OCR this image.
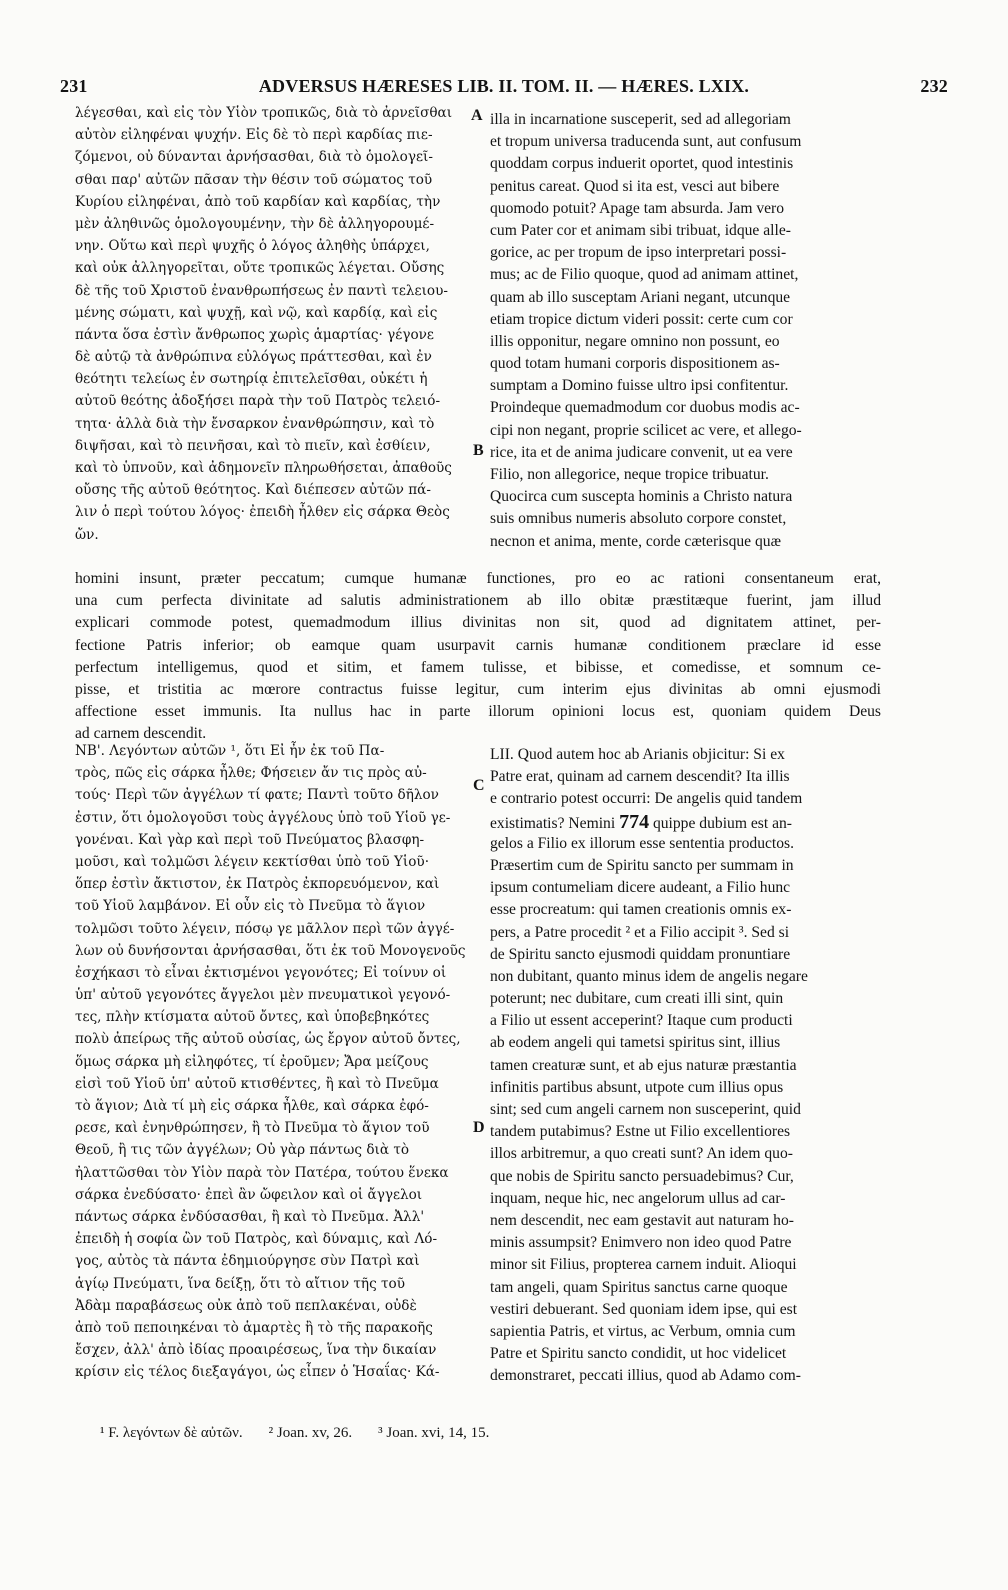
231	ADVERSUS HÆRESES LIB. II. TOM. II. — HÆRES. LXIX.	232
λέγεσθαι, καὶ εἰς τὸν Υἱὸν τροπικῶς, διὰ τὸ ἀρνεῖσθαι
αὐτὸν εἰληφέναι ψυχήν. Εἰς δὲ τὸ περὶ καρδίας πιε-
ζόμενοι, οὐ δύνανται ἀρνήσασθαι, διὰ τὸ ὁμολογεῖ-
σθαι παρ' αὐτῶν πᾶσαν τὴν θέσιν τοῦ σώματος τοῦ
Κυρίου εἰληφέναι, ἀπὸ τοῦ καρδίαν καὶ καρδίας, τὴν
μὲν ἀληθινῶς ὁμολογουμένην, τὴν δὲ ἀλληγορουμέ-
νην. Οὕτω καὶ περὶ ψυχῆς ὁ λόγος ἀληθὴς ὑπάρχει,
καὶ οὐκ ἀλληγορεῖται, οὔτε τροπικῶς λέγεται. Οὔσης
δὲ τῆς τοῦ Χριστοῦ ἐνανθρωπήσεως ἐν παντὶ τελειου-
μένης σώματι, καὶ ψυχῇ, καὶ νῷ, καὶ καρδίᾳ, καὶ εἰς
πάντα ὅσα ἐστὶν ἄνθρωπος χωρὶς ἁμαρτίας· γέγονε
δὲ αὐτῷ τὰ ἀνθρώπινα εὐλόγως πράττεσθαι, καὶ ἐν
θεότητι τελείως ἐν σωτηρίᾳ ἐπιτελεῖσθαι, οὐκέτι ἡ
αὐτοῦ θεότης ἀδοξήσει παρὰ τὴν τοῦ Πατρὸς τελειό-
τητα· ἀλλὰ διὰ τὴν ἔνσαρκον ἐνανθρώπησιν, καὶ τὸ
διψῆσαι, καὶ τὸ πεινῆσαι, καὶ τὸ πιεῖν, καὶ ἐσθίειν,
καὶ τὸ ὑπνοῦν, καὶ ἀδημονεῖν πληρωθήσεται, ἀπαθοῦς
οὔσης τῆς αὐτοῦ θεότητος. Καὶ διέπεσεν αὐτῶν πά-
λιν ὁ περὶ τούτου λόγος· ἐπειδὴ ἦλθεν εἰς σάρκα Θεὸς
ὤν.
illa in incarnatione susceperit, sed ad allegoriam
et tropum universa traducenda sunt, aut confusum
quoddam corpus induerit oportet, quod intestinis
penitus careat. Quod si ita est, vesci aut bibere
quomodo potuit? Apage tam absurda. Jam vero
cum Pater cor et animam sibi tribuat, idque alle-
gorice, ac per tropum de ipso interpretari possi-
mus; ac de Filio quoque, quod ad animam attinet,
quam ab illo susceptam Ariani negant, utcunque
etiam tropice dictum videri possit: certe cum cor
illis opponitur, negare omnino non possunt, eo
quod totam humani corporis dispositionem as-
sumptam a Domino fuisse ultro ipsi confitentur.
Proindeque quemadmodum cor duobus modis ac-
cipi non negant, proprie scilicet ac vere, et allego-
rice, ita et de anima judicare convenit, ut ea vere
Filio, non allegorice, neque tropice tribuatur.
Quocirca cum suscepta hominis a Christo natura
suis omnibus numeris absoluto corpore constet,
necnon et anima, mente, corde cæterisque quæ
A
B
C
D
homini insunt, præter peccatum; cumque humanæ functiones, pro eo ac rationi consentaneum erat,
una cum perfecta divinitate ad salutis administrationem ab illo obitæ præstitæque fuerint, jam illud
explicari commode potest, quemadmodum illius divinitas non sit, quod ad dignitatem attinet, per-
fectione Patris inferior; ob eamque quam usurpavit carnis humanæ conditionem præclare id esse
perfectum intelligemus, quod et sitim, et famem tulisse, et bibisse, et comedisse, et somnum ce-
pisse, et tristitia ac mœrore contractus fuisse legitur, cum interim ejus divinitas ab omni ejusmodi
affectione esset immunis. Ita nullus hac in parte illorum opinioni locus est, quoniam quidem Deus
ad carnem descendit.
ΝΒ'. Λεγόντων αὐτῶν ¹, ὅτι Εἰ ἦν ἐκ τοῦ Πα-
τρὸς, πῶς εἰς σάρκα ἦλθε; Φήσειεν ἄν τις πρὸς αὐ-
τούς· Περὶ τῶν ἀγγέλων τί φατε; Παντὶ τοῦτο δῆλον
ἐστιν, ὅτι ὁμολογοῦσι τοὺς ἀγγέλους ὑπὸ τοῦ Υἱοῦ γε-
γονέναι. Καὶ γὰρ καὶ περὶ τοῦ Πνεύματος βλασφη-
μοῦσι, καὶ τολμῶσι λέγειν κεκτίσθαι ὑπὸ τοῦ Υἱοῦ·
ὅπερ ἐστὶν ἄκτιστον, ἐκ Πατρὸς ἐκπορευόμενον, καὶ
τοῦ Υἱοῦ λαμβάνον. Εἰ οὖν εἰς τὸ Πνεῦμα τὸ ἅγιον
τολμῶσι τοῦτο λέγειν, πόσῳ γε μᾶλλον περὶ τῶν ἀγγέ-
λων οὐ δυνήσονται ἀρνήσασθαι, ὅτι ἐκ τοῦ Μονογενοῦς
ἐσχήκασι τὸ εἶναι ἐκτισμένοι γεγονότες; Εἰ τοίνυν οἱ
ὑπ' αὐτοῦ γεγονότες ἄγγελοι μὲν πνευματικοὶ γεγονό-
τες, πλὴν κτίσματα αὐτοῦ ὄντες, καὶ ὑποβεβηκότες
πολὺ ἀπείρως τῆς αὐτοῦ οὐσίας, ὡς ἔργον αὐτοῦ ὄντες,
ὅμως σάρκα μὴ εἰληφότες, τί ἐροῦμεν; Ἄρα μείζους
εἰσὶ τοῦ Υἱοῦ ὑπ' αὐτοῦ κτισθέντες, ἢ καὶ τὸ Πνεῦμα
τὸ ἅγιον; Διὰ τί μὴ εἰς σάρκα ἦλθε, καὶ σάρκα ἐφό-
ρεσε, καὶ ἐνηνθρώπησεν, ἢ τὸ Πνεῦμα τὸ ἅγιον τοῦ
Θεοῦ, ἢ τις τῶν ἀγγέλων; Οὐ γὰρ πάντως διὰ τὸ
ἠλαττῶσθαι τὸν Υἱὸν παρὰ τὸν Πατέρα, τούτου ἕνεκα
σάρκα ἐνεδύσατο· ἐπεὶ ἂν ὤφειλον καὶ οἱ ἄγγελοι
πάντως σάρκα ἐνδύσασθαι, ἢ καὶ τὸ Πνεῦμα. Ἀλλ'
ἐπειδὴ ἡ σοφία ὢν τοῦ Πατρὸς, καὶ δύναμις, καὶ Λό-
γος, αὐτὸς τὰ πάντα ἐδημιούργησε σὺν Πατρὶ καὶ
ἁγίῳ Πνεύματι, ἵνα δείξῃ, ὅτι τὸ αἴτιον τῆς τοῦ
Ἀδὰμ παραβάσεως οὐκ ἀπὸ τοῦ πεπλακέναι, οὐδὲ
ἀπὸ τοῦ πεποιηκέναι τὸ ἁμαρτὲς ἢ τὸ τῆς παρακοῆς
ἔσχεν, ἀλλ' ἀπὸ ἰδίας προαιρέσεως, ἵνα τὴν δικαίαν
κρίσιν εἰς τέλος διεξαγάγοι, ὡς εἶπεν ὁ Ἡσαΐας· Κά-
LII. Quod autem hoc ab Arianis objicitur: Si ex
Patre erat, quinam ad carnem descendit? Ita illis
e contrario potest occurri: De angelis quid tandem
existimatis? Nemini 774 quippe dubium est an-
gelos a Filio ex illorum esse sententia productos.
Præsertim cum de Spiritu sancto per summam in
ipsum contumeliam dicere audeant, a Filio hunc
esse procreatum: qui tamen creationis omnis ex-
pers, a Patre procedit ² et a Filio accipit ³. Sed si
de Spiritu sancto ejusmodi quiddam pronuntiare
non dubitant, quanto minus idem de angelis negare
poterunt; nec dubitare, cum creati illi sint, quin
a Filio ut essent acceperint? Itaque cum producti
ab eodem angeli qui tametsi spiritus sint, illius
tamen creaturæ sunt, et ab ejus naturæ præstantia
infinitis partibus absunt, utpote cum illius opus
sint; sed cum angeli carnem non susceperint, quid
tandem putabimus? Estne ut Filio excellentiores
illos arbitremur, a quo creati sunt? An idem quo-
que nobis de Spiritu sancto persuadebimus? Cur,
inquam, neque hic, nec angelorum ullus ad car-
nem descendit, nec eam gestavit aut naturam ho-
minis assumpsit? Enimvero non ideo quod Patre
minor sit Filius, propterea carnem induit. Alioqui
tam angeli, quam Spiritus sanctus carne quoque
vestiri debuerant. Sed quoniam idem ipse, qui est
sapientia Patris, et virtus, ac Verbum, omnia cum
Patre et Spiritu sancto condidit, ut hoc videlicet
demonstraret, peccati illius, quod ab Adamo com-
¹ F. λεγόντων δὲ αὐτῶν. ² Joan. xv, 26. ³ Joan. xvi, 14, 15.
